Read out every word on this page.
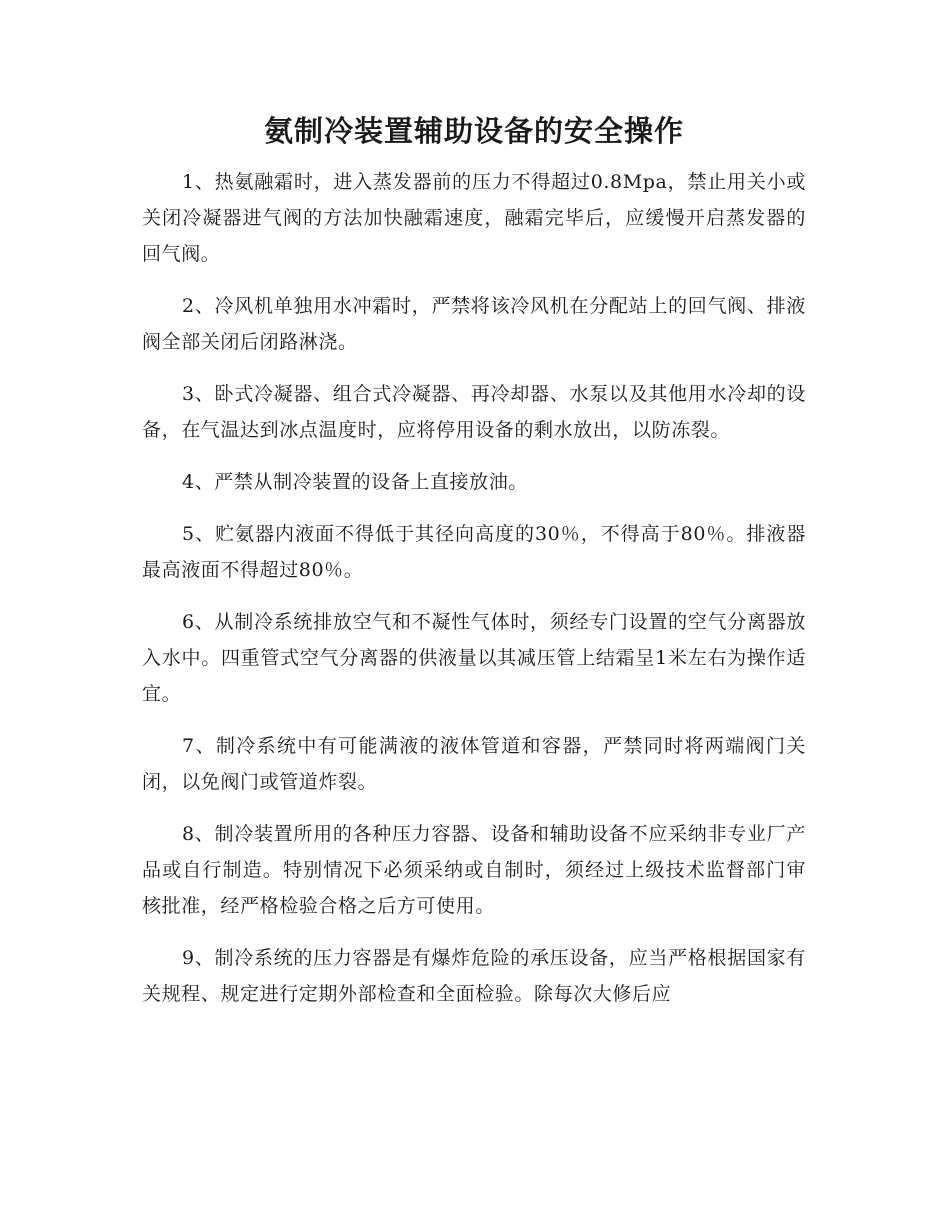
氨制冷装置辅助设备的安全操作

1、热氨融霜时，进入蒸发器前的压力不得超过0.8Mpa，禁止用关小或关闭冷凝器进气阀的方法加快融霜速度，融霜完毕后，应缓慢开启蒸发器的回气阀。

2、冷风机单独用水冲霜时，严禁将该冷风机在分配站上的回气阀、排液阀全部关闭后闭路淋浇。

3、卧式冷凝器、组合式冷凝器、再冷却器、水泵以及其他用水冷却的设备，在气温达到冰点温度时，应将停用设备的剩水放出，以防冻裂。

4、严禁从制冷装置的设备上直接放油。

5、贮氨器内液面不得低于其径向高度的30％，不得高于80％。排液器最高液面不得超过80％。

6、从制冷系统排放空气和不凝性气体时，须经专门设置的空气分离器放入水中。四重管式空气分离器的供液量以其减压管上结霜呈1米左右为操作适宜。

7、制冷系统中有可能满液的液体管道和容器，严禁同时将两端阀门关闭，以免阀门或管道炸裂。

8、制冷装置所用的各种压力容器、设备和辅助设备不应采纳非专业厂产品或自行制造。特别情况下必须采纳或自制时，须经过上级技术监督部门审核批准，经严格检验合格之后方可使用。

9、制冷系统的压力容器是有爆炸危险的承压设备，应当严格根据国家有关规程、规定进行定期外部检查和全面检验。除每次大修后应
